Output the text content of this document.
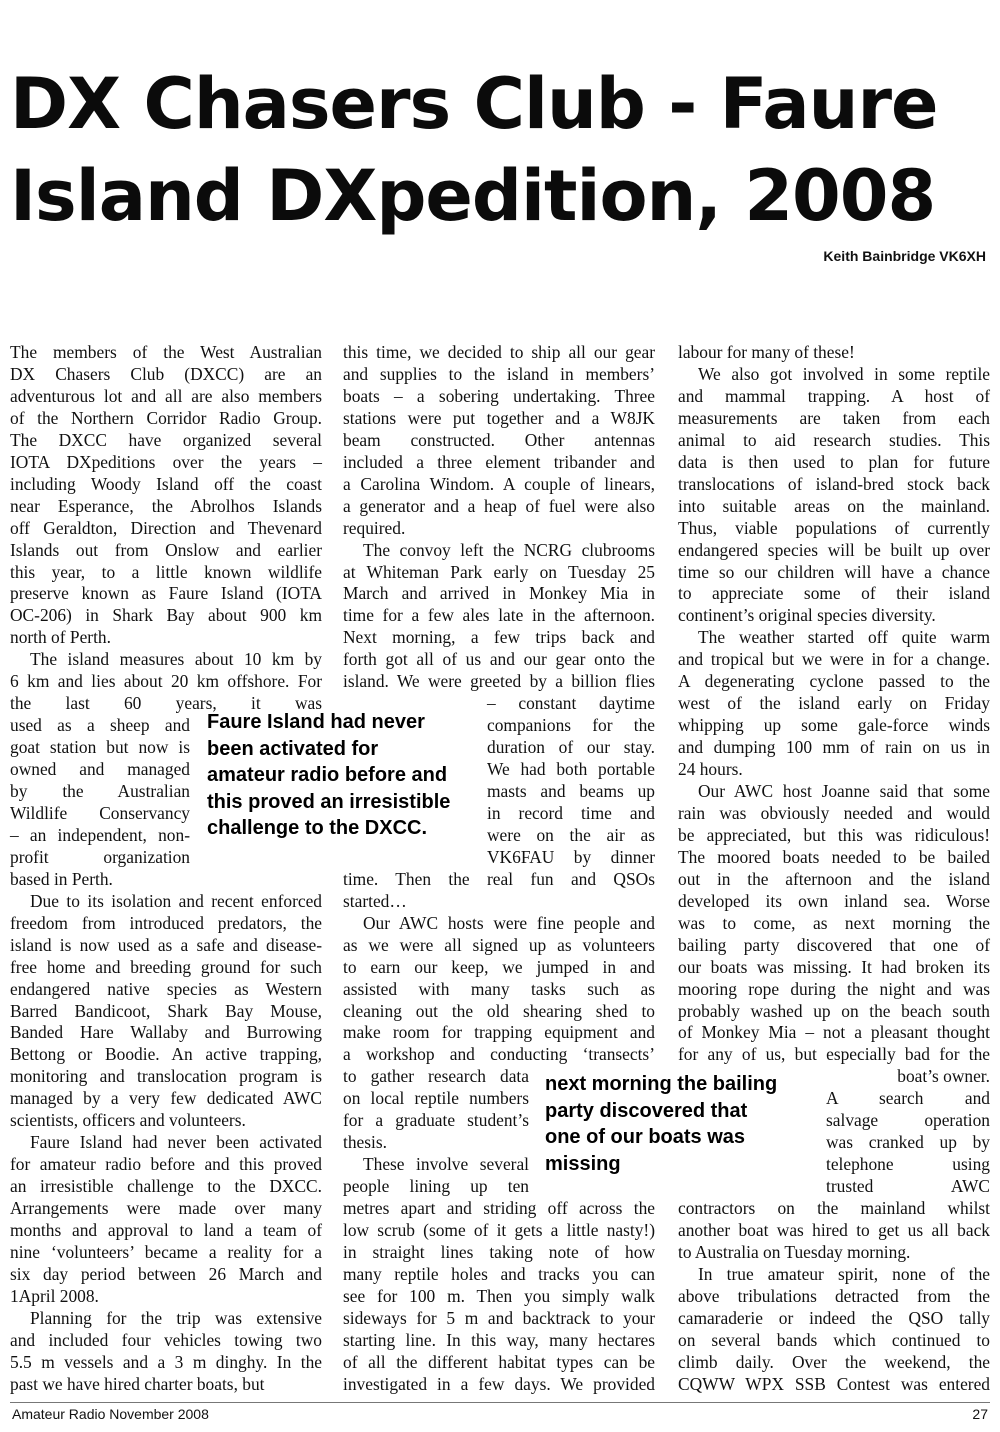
DX Chasers Club - Faure
Island DXpedition, 2008
Keith Bainbridge VK6XH
The members of the West Australian
DX Chasers Club (DXCC) are an
adventurous lot and all are also members
of the Northern Corridor Radio Group.
The DXCC have organized several
IOTA DXpeditions over the years –
including Woody Island off the coast
near Esperance, the Abrolhos Islands
off Geraldton, Direction and Thevenard
Islands out from Onslow and earlier
this year, to a little known wildlife
preserve known as Faure Island (IOTA
OC-206) in Shark Bay about 900 km
north of Perth.
The island measures about 10 km by
6 km and lies about 20 km offshore. For
the last 60 years, it was
used as a sheep and
goat station but now is
owned and managed
by the Australian
Wildlife Conservancy
– an independent, non-
profit organization
based in Perth.
Due to its isolation and recent enforced
freedom from introduced predators, the
island is now used as a safe and disease-
free home and breeding ground for such
endangered native species as Western
Barred Bandicoot, Shark Bay Mouse,
Banded Hare Wallaby and Burrowing
Bettong or Boodie. An active trapping,
monitoring and translocation program is
managed by a very few dedicated AWC
scientists, officers and volunteers.
Faure Island had never been activated
for amateur radio before and this proved
an irresistible challenge to the DXCC.
Arrangements were made over many
months and approval to land a team of
nine ‘volunteers’ became a reality for a
six day period between 26 March and
1April 2008.
Planning for the trip was extensive
and included four vehicles towing two
5.5 m vessels and a 3 m dinghy. In the
past we have hired charter boats, but
this time, we decided to ship all our gear
and supplies to the island in members’
boats – a sobering undertaking. Three
stations were put together and a W8JK
beam constructed. Other antennas
included a three element tribander and
a Carolina Windom. A couple of linears,
a generator and a heap of fuel were also
required.
The convoy left the NCRG clubrooms
at Whiteman Park early on Tuesday 25
March and arrived in Monkey Mia in
time for a few ales late in the afternoon.
Next morning, a few trips back and
forth got all of us and our gear onto the
island. We were greeted by a billion flies
– constant daytime
companions for the
duration of our stay.
We had both portable
masts and beams up
in record time and
were on the air as
VK6FAU by dinner
time. Then the real fun and QSOs
started…
Our AWC hosts were fine people and
as we were all signed up as volunteers
to earn our keep, we jumped in and
assisted with many tasks such as
cleaning out the old shearing shed to
make room for trapping equipment and
a workshop and conducting ‘transects’
to gather research data
on local reptile numbers
for a graduate student’s
thesis.
These involve several
people lining up ten
metres apart and striding off across the
low scrub (some of it gets a little nasty!)
in straight lines taking note of how
many reptile holes and tracks you can
see for 100 m. Then you simply walk
sideways for 5 m and backtrack to your
starting line. In this way, many hectares
of all the different habitat types can be
investigated in a few days. We provided
labour for many of these!
We also got involved in some reptile
and mammal trapping. A host of
measurements are taken from each
animal to aid research studies. This
data is then used to plan for future
translocations of island-bred stock back
into suitable areas on the mainland.
Thus, viable populations of currently
endangered species will be built up over
time so our children will have a chance
to appreciate some of their island
continent’s original species diversity.
The weather started off quite warm
and tropical but we were in for a change.
A degenerating cyclone passed to the
west of the island early on Friday
whipping up some gale-force winds
and dumping 100 mm of rain on us in
24 hours.
Our AWC host Joanne said that some
rain was obviously needed and would
be appreciated, but this was ridiculous!
The moored boats needed to be bailed
out in the afternoon and the island
developed its own inland sea. Worse
was to come, as next morning the
bailing party discovered that one of
our boats was missing. It had broken its
mooring rope during the night and was
probably washed up on the beach south
of Monkey Mia – not a pleasant thought
for any of us, but especially bad for the
boat’s owner.
A search and
salvage operation
was cranked up by
telephone using
trusted AWC
contractors on the mainland whilst
another boat was hired to get us all back
to Australia on Tuesday morning.
In true amateur spirit, none of the
above tribulations detracted from the
camaraderie or indeed the QSO tally
on several bands which continued to
climb daily. Over the weekend, the
CQWW WPX SSB Contest was entered
Faure Island had never
been activated for
amateur radio before and
this proved an irresistible
challenge to the DXCC.
next morning the bailing
party discovered that
one of our boats was
missing
Amateur Radio November 2008	27
